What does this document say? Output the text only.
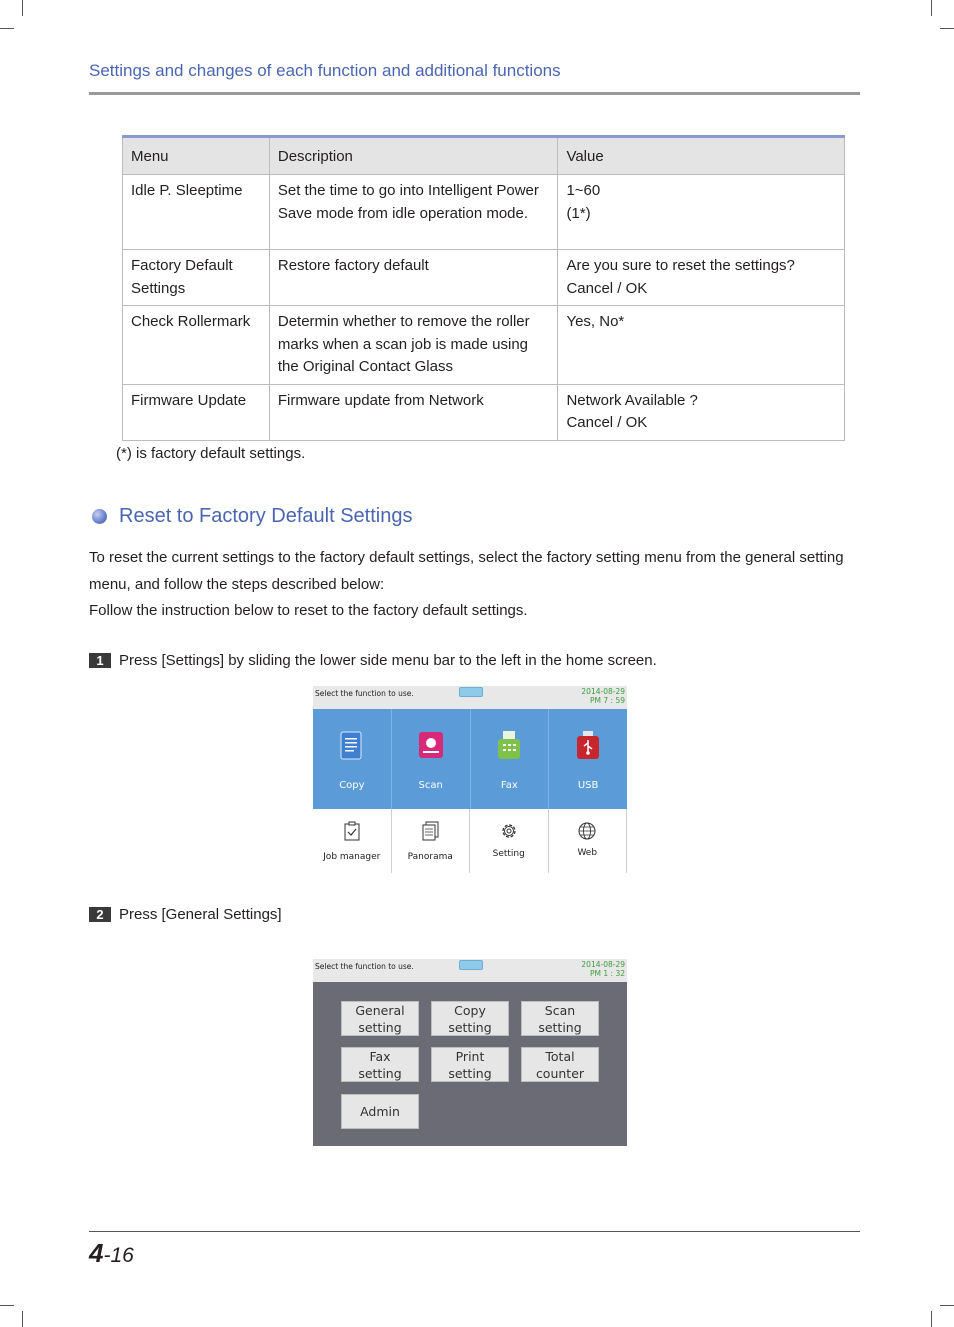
Settings and changes of each function and additional functions
Menu	Description	Value
Idle P. Sleeptime	Set the time to go into Intelligent Power Save mode from idle operation mode.	1~60
(1*)

Factory Default Settings	Restore factory default	Are you sure to reset the settings?
Cancel / OK

Check Rollermark	Determin whether to remove the roller marks when a scan job is made using the Original Contact Glass	Yes, No*

Firmware Update	Firmware update from Network	Network Available ?
Cancel / OK
(*) is factory default settings.
Reset to Factory Default Settings
To reset the current settings to the factory default settings, select the factory setting menu from the general setting menu, and follow the steps described below:
Follow the instruction below to reset to the factory default settings.
1	Press [Settings] by sliding the lower side menu bar to the left in the home screen.
Select the function to use.	2014-08-29
PM 7 : 59
Copy	Scan	Fax	USB
Job manager	Panorama	Setting	Web
2	Press [General Settings]
Select the function to use.	2014-08-29
PM 1 : 32
General
setting
Copy
setting
Scan
setting
Fax
setting
Print
setting
Total
counter
Admin
4-16
